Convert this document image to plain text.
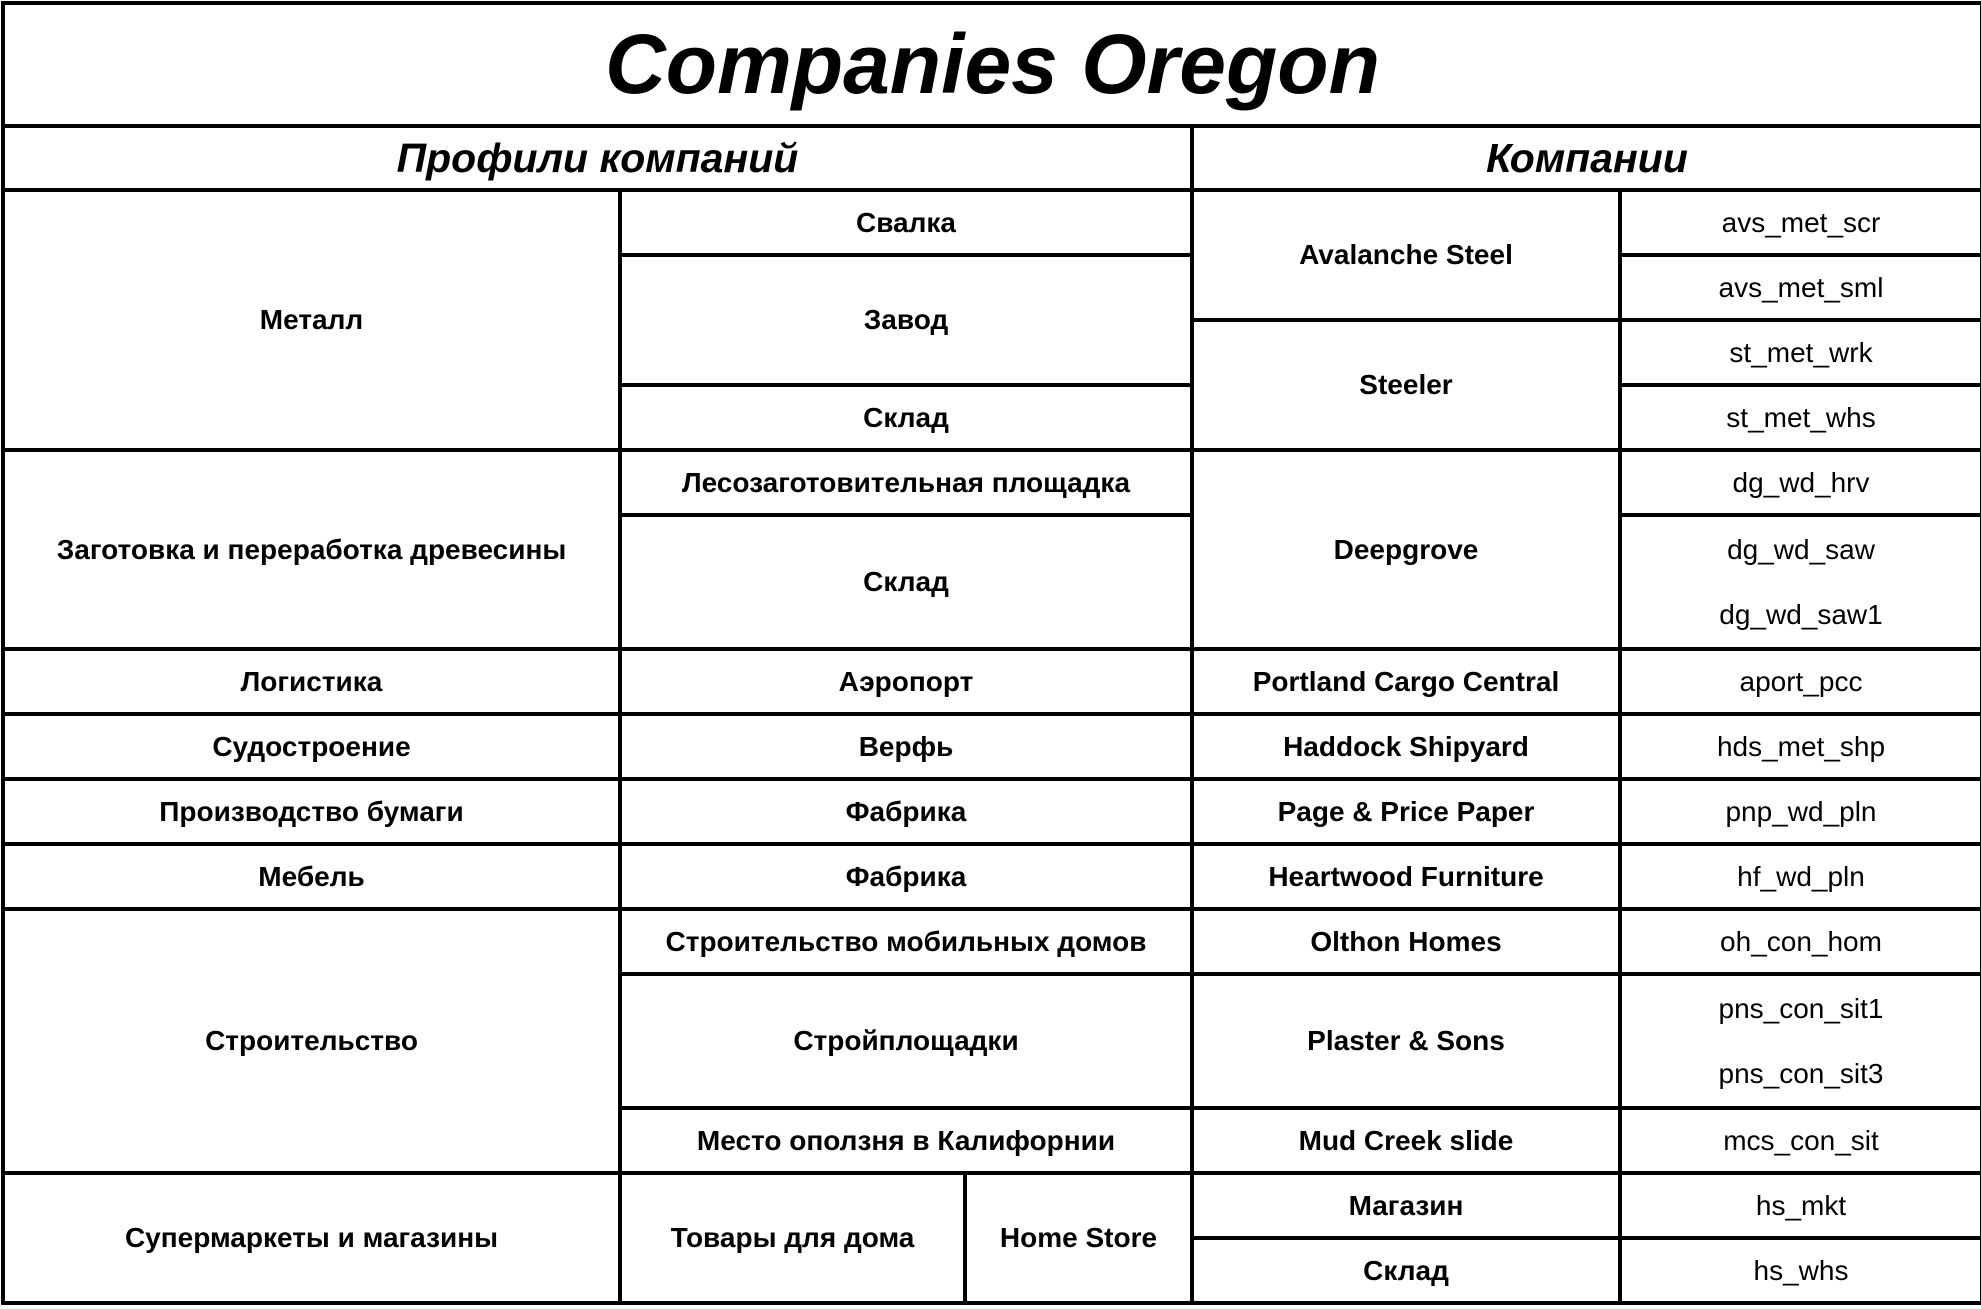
Companies Oregon				
Профили компаний			Компании	
Металл	Свалка		Avalanche Steel	avs_met_scr
	Завод			avs_met_sml
			Steeler	st_met_wrk
	Склад			st_met_whs
Заготовка и переработка древесины	Лесозаготовительная площадка		Deepgrove	dg_wd_hrv
	Склад			dg_wd_saw
dg_wd_saw1

Логистика	Аэропорт		Portland Cargo Central	aport_pcc
Судостроение	Верфь		Haddock Shipyard	hds_met_shp
Производство бумаги	Фабрика		Page & Price Paper	pnp_wd_pln
Мебель	Фабрика		Heartwood Furniture	hf_wd_pln
Строительство	Строительство мобильных домов		Olthon Homes	oh_con_hom
	Стройплощадки		Plaster & Sons	pns_con_sit1
pns_con_sit3

	Место оползня в Калифорнии		Mud Creek slide	mcs_con_sit
Супермаркеты и магазины	Товары для дома	Home Store	Магазин	hs_mkt
			Склад	hs_whs
